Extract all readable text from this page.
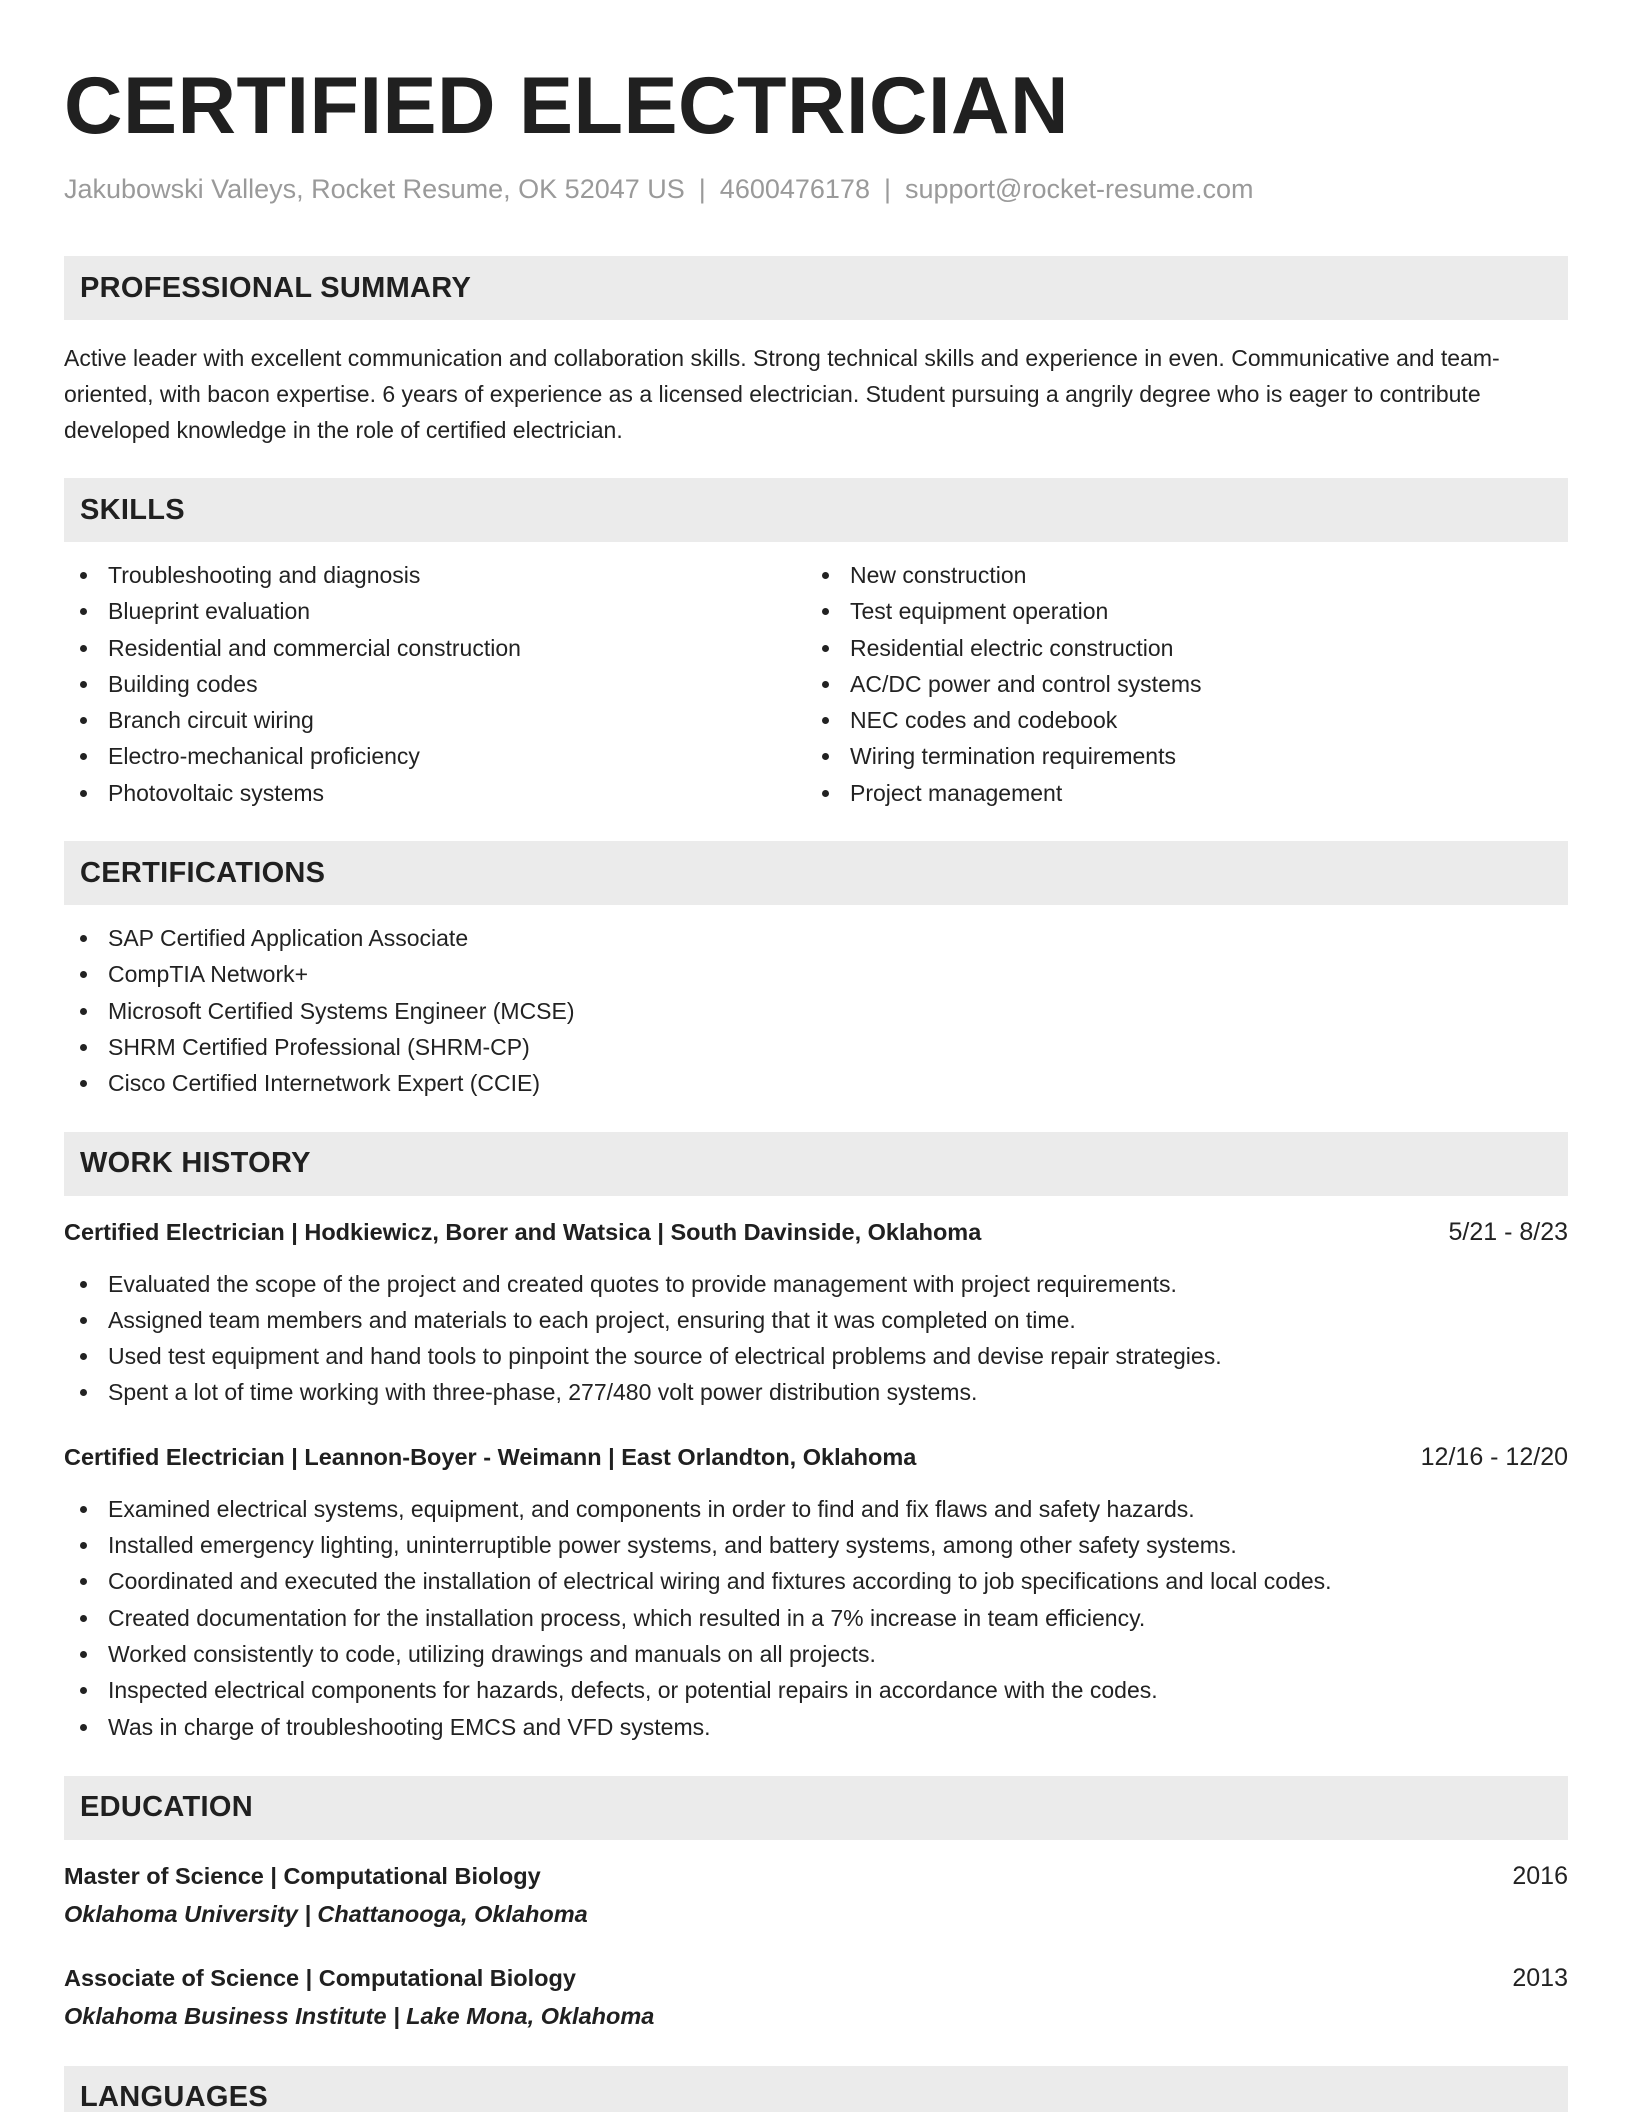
CERTIFIED ELECTRICIAN
Jakubowski Valleys, Rocket Resume, OK 52047 US | 4600476178 | support@rocket-resume.com
PROFESSIONAL SUMMARY

Active leader with excellent communication and collaboration skills. Strong technical skills and experience in even. Communicative and team-oriented, with bacon expertise. 6 years of experience as a licensed electrician. Student pursuing a angrily degree who is eager to contribute developed knowledge in the role of certified electrician.

SKILLS
Troubleshooting and diagnosis
Blueprint evaluation
Residential and commercial construction
Building codes
Branch circuit wiring
Electro-mechanical proficiency
Photovoltaic systems
New construction
Test equipment operation
Residential electric construction
AC/DC power and control systems
NEC codes and codebook
Wiring termination requirements
Project management
CERTIFICATIONS
SAP Certified Application Associate
CompTIA Network+
Microsoft Certified Systems Engineer (MCSE)
SHRM Certified Professional (SHRM-CP)
Cisco Certified Internetwork Expert (CCIE)
WORK HISTORY
Certified Electrician | Hodkiewicz, Borer and Watsica | South Davinside, Oklahoma	5/21 - 8/23
Evaluated the scope of the project and created quotes to provide management with project requirements.
Assigned team members and materials to each project, ensuring that it was completed on time.
Used test equipment and hand tools to pinpoint the source of electrical problems and devise repair strategies.
Spent a lot of time working with three-phase, 277/480 volt power distribution systems.
Certified Electrician | Leannon-Boyer - Weimann | East Orlandton, Oklahoma	12/16 - 12/20
Examined electrical systems, equipment, and components in order to find and fix flaws and safety hazards.
Installed emergency lighting, uninterruptible power systems, and battery systems, among other safety systems.
Coordinated and executed the installation of electrical wiring and fixtures according to job specifications and local codes.
Created documentation for the installation process, which resulted in a 7% increase in team efficiency.
Worked consistently to code, utilizing drawings and manuals on all projects.
Inspected electrical components for hazards, defects, or potential repairs in accordance with the codes.
Was in charge of troubleshooting EMCS and VFD systems.
EDUCATION
Master of Science | Computational Biology	2016
Oklahoma University | Chattanooga, Oklahoma
Associate of Science | Computational Biology	2013
Oklahoma Business Institute | Lake Mona, Oklahoma
LANGUAGES
